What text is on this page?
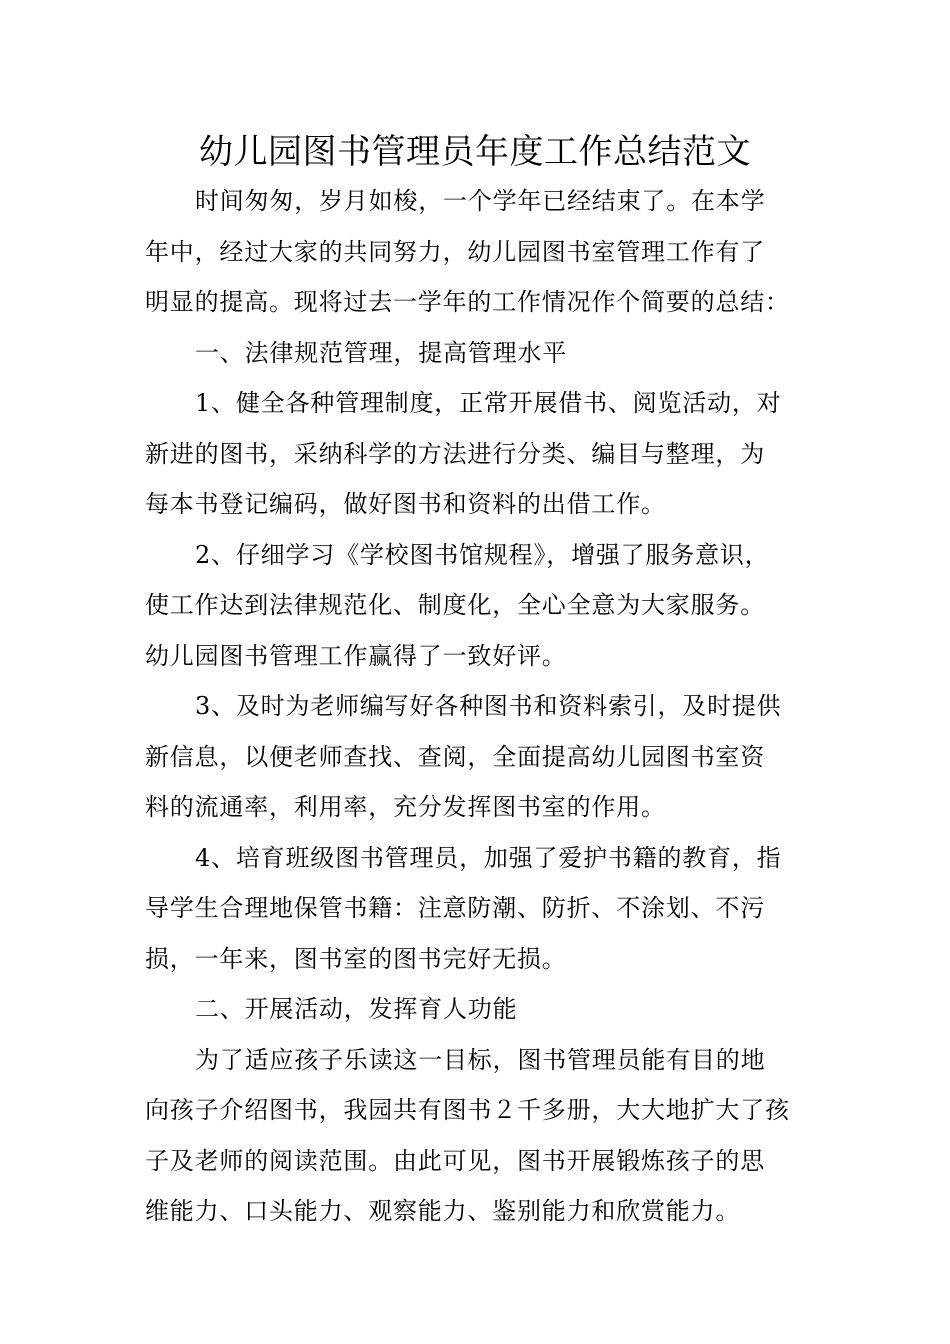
幼儿园图书管理员年度工作总结范文
时间匆匆，岁月如梭，一个学年已经结束了。在本学
年中，经过大家的共同努力，幼儿园图书室管理工作有了
明显的提高。现将过去一学年的工作情况作个简要的总结：
一、法律规范管理，提高管理水平
1、健全各种管理制度，正常开展借书、阅览活动，对
新进的图书，采纳科学的方法进行分类、编目与整理，为
每本书登记编码，做好图书和资料的出借工作。
2、仔细学习《学校图书馆规程》，增强了服务意识，
使工作达到法律规范化、制度化，全心全意为大家服务。
幼儿园图书管理工作赢得了一致好评。
3、及时为老师编写好各种图书和资料索引，及时提供
新信息，以便老师查找、查阅，全面提高幼儿园图书室资
料的流通率，利用率，充分发挥图书室的作用。
4、培育班级图书管理员，加强了爱护书籍的教育，指
导学生合理地保管书籍：注意防潮、防折、不涂划、不污
损，一年来，图书室的图书完好无损。
二、开展活动，发挥育人功能
为了适应孩子乐读这一目标，图书管理员能有目的地
向孩子介绍图书，我园共有图书２千多册，大大地扩大了孩
子及老师的阅读范围。由此可见，图书开展锻炼孩子的思
维能力、口头能力、观察能力、鉴别能力和欣赏能力。
